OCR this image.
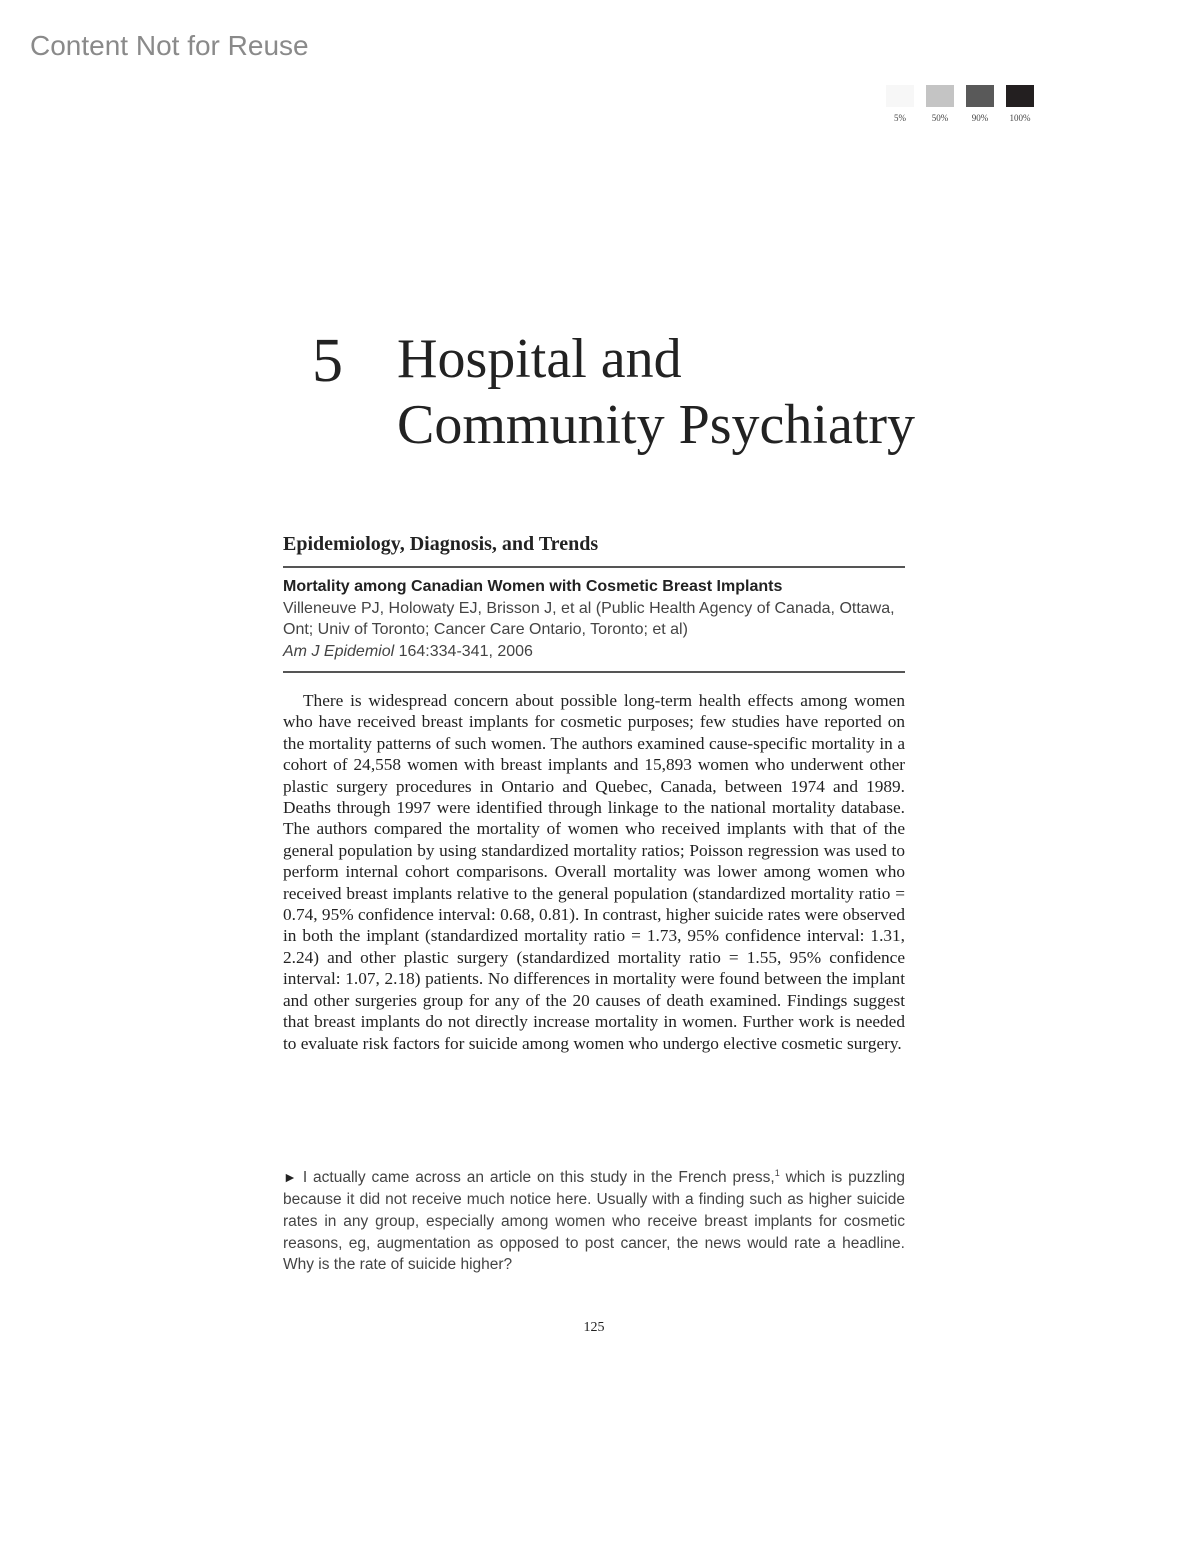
Content Not for Reuse
5%	50%	90% 100%
5 Hospital and
Community Psychiatry
Epidemiology, Diagnosis, and Trends
Mortality among Canadian Women with Cosmetic Breast Implants
Villeneuve PJ, Holowaty EJ, Brisson J, et al (Public Health Agency of Canada, Ottawa, Ont; Univ of Toronto; Cancer Care Ontario, Toronto; et al)
Am J Epidemiol 164:334-341, 2006

There is widespread concern about possible long-term health effects among women who have received breast implants for cosmetic purposes; few studies have reported on the mortality patterns of such women. The authors examined cause-specific mortality in a cohort of 24,558 women with breast implants and 15,893 women who underwent other plastic surgery procedures in Ontario and Quebec, Canada, between 1974 and 1989. Deaths through 1997 were identified through linkage to the national mortality database. The authors compared the mortality of women who received implants with that of the general population by using standardized mortality ratios; Poisson regression was used to perform internal cohort comparisons. Overall mortality was lower among women who received breast implants relative to the general population (standardized mortality ratio = 0.74, 95% confidence interval: 0.68, 0.81). In contrast, higher suicide rates were observed in both the implant (standardized mortality ratio = 1.73, 95% confidence interval: 1.31, 2.24) and other plastic surgery (standardized mortality ratio = 1.55, 95% confidence interval: 1.07, 2.18) patients. No differences in mortality were found between the implant and other surgeries group for any of the 20 causes of death examined. Findings suggest that breast implants do not directly increase mortality in women. Further work is needed to evaluate risk factors for suicide among women who undergo elective cosmetic surgery.

► I actually came across an article on this study in the French press,$^1$ which is puzzling because it did not receive much notice here. Usually with a finding such as higher suicide rates in any group, especially among women who receive breast implants for cosmetic reasons, eg, augmentation as opposed to post cancer, the news would rate a headline. Why is the rate of suicide higher?

125
